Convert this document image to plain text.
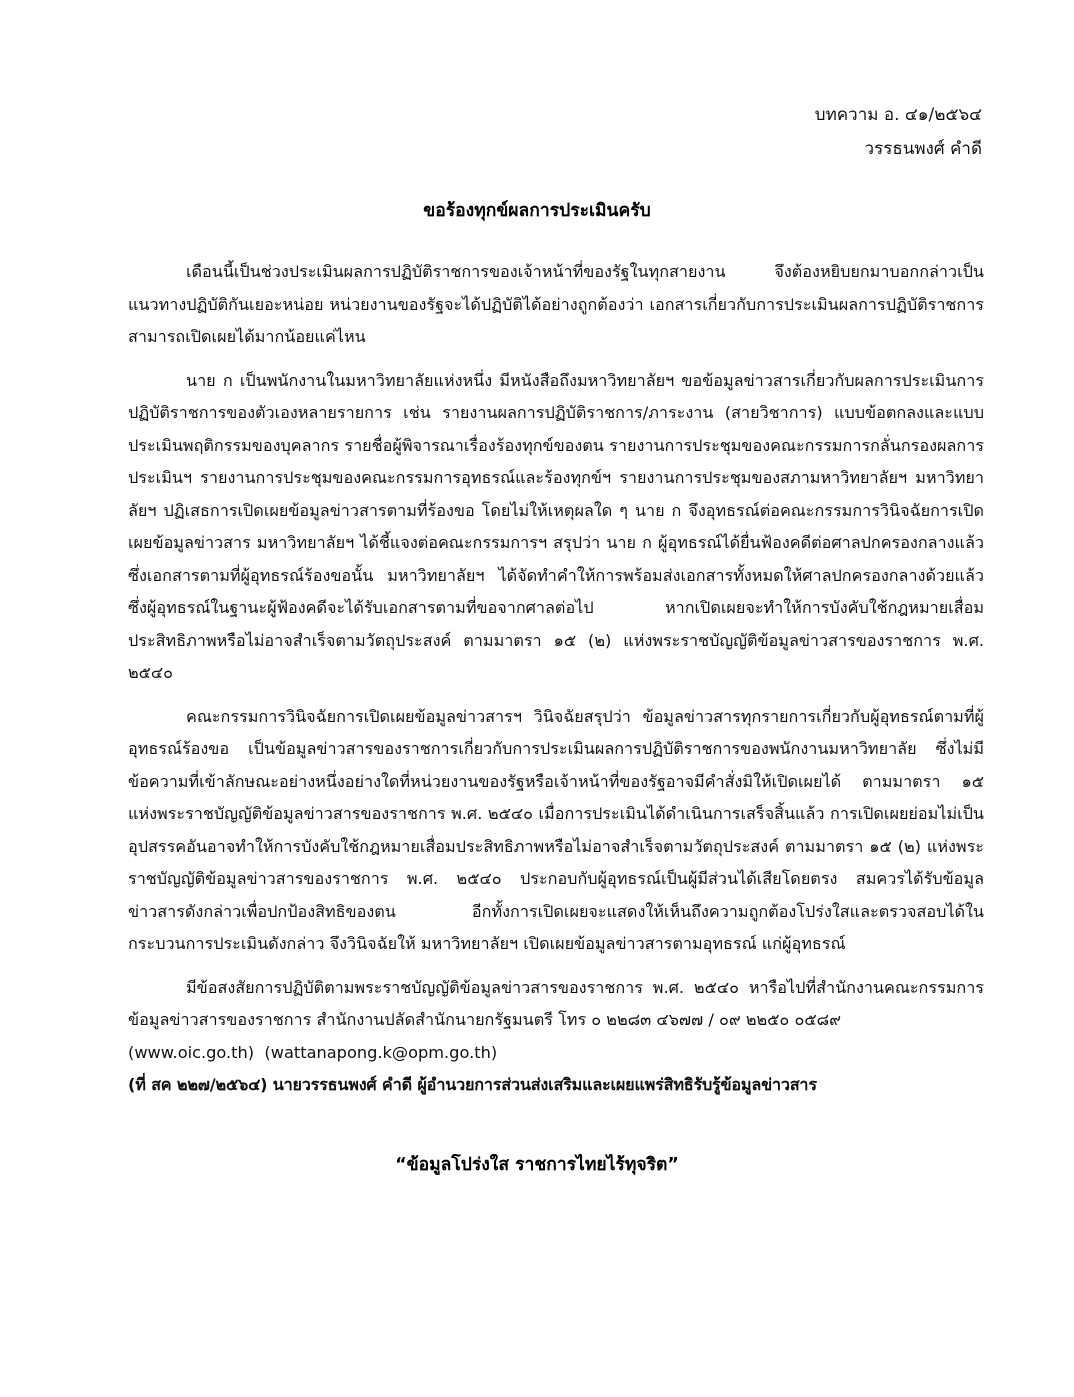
บทความ อ. ๔๑/๒๕๖๔
วรรธนพงศ์ คำดี
ขอร้องทุกข์ผลการประเมินครับ

เดือนนี้เป็นช่วงประเมินผลการปฏิบัติราชการของเจ้าหน้าที่ของรัฐในทุกสายงาน จึงต้องหยิบยกมาบอกกล่าวเป็นแนวทางปฏิบัติกันเยอะหน่อย หน่วยงานของรัฐจะได้ปฏิบัติได้อย่างถูกต้องว่า เอกสารเกี่ยวกับการประเมินผลการปฏิบัติราชการสามารถเปิดเผยได้มากน้อยแค่ไหน

นาย ก เป็นพนักงานในมหาวิทยาลัยแห่งหนึ่ง มีหนังสือถึงมหาวิทยาลัยฯ ขอข้อมูลข่าวสารเกี่ยวกับผลการประเมินการปฏิบัติราชการของตัวเองหลายรายการ เช่น รายงานผลการปฏิบัติราชการ/ภาระงาน (สายวิชาการ) แบบข้อตกลงและแบบประเมินพฤติกรรมของบุคลากร รายชื่อผู้พิจารณาเรื่องร้องทุกข์ของตน รายงานการประชุมของคณะกรรมการกลั่นกรองผลการประเมินฯ รายงานการประชุมของคณะกรรมการอุทธรณ์และร้องทุกข์ฯ รายงานการประชุมของสภามหาวิทยาลัยฯ มหาวิทยาลัยฯ ปฏิเสธการเปิดเผยข้อมูลข่าวสารตามที่ร้องขอ โดยไม่ให้เหตุผลใด ๆ นาย ก จึงอุทธรณ์ต่อคณะกรรมการวินิจฉัยการเปิดเผยข้อมูลข่าวสาร มหาวิทยาลัยฯ ได้ชี้แจงต่อคณะกรรมการฯ สรุปว่า นาย ก ผู้อุทธรณ์ได้ยื่นฟ้องคดีต่อศาลปกครองกลางแล้ว ซึ่งเอกสารตามที่ผู้อุทธรณ์ร้องขอนั้น มหาวิทยาลัยฯ ได้จัดทำคำให้การพร้อมส่งเอกสารทั้งหมดให้ศาลปกครองกลางด้วยแล้ว ซึ่งผู้อุทธรณ์ในฐานะผู้ฟ้องคดีจะได้รับเอกสารตามที่ขอจากศาลต่อไป หากเปิดเผยจะทำให้การบังคับใช้กฎหมายเสื่อมประสิทธิภาพหรือไม่อาจสำเร็จตามวัตถุประสงค์ ตามมาตรา ๑๕ (๒) แห่งพระราชบัญญัติข้อมูลข่าวสารของราชการ พ.ศ. ๒๕๔๐

คณะกรรมการวินิจฉัยการเปิดเผยข้อมูลข่าวสารฯ วินิจฉัยสรุปว่า ข้อมูลข่าวสารทุกรายการเกี่ยวกับผู้อุทธรณ์ตามที่ผู้อุทธรณ์ร้องขอ เป็นข้อมูลข่าวสารของราชการเกี่ยวกับการประเมินผลการปฏิบัติราชการของพนักงานมหาวิทยาลัย ซึ่งไม่มีข้อความที่เข้าลักษณะอย่างหนึ่งอย่างใดที่หน่วยงานของรัฐหรือเจ้าหน้าที่ของรัฐอาจมีคำสั่งมิให้เปิดเผยได้ ตามมาตรา ๑๕ แห่งพระราชบัญญัติข้อมูลข่าวสารของราชการ พ.ศ. ๒๕๔๐ เมื่อการประเมินได้ดำเนินการเสร็จสิ้นแล้ว การเปิดเผยย่อมไม่เป็นอุปสรรคอันอาจทำให้การบังคับใช้กฎหมายเสื่อมประสิทธิภาพหรือไม่อาจสำเร็จตามวัตถุประสงค์ ตามมาตรา ๑๕ (๒) แห่งพระราชบัญญัติข้อมูลข่าวสารของราชการ พ.ศ. ๒๕๔๐ ประกอบกับผู้อุทธรณ์เป็นผู้มีส่วนได้เสียโดยตรง สมควรได้รับข้อมูลข่าวสารดังกล่าวเพื่อปกป้องสิทธิของตน อีกทั้งการเปิดเผยจะแสดงให้เห็นถึงความถูกต้องโปร่งใสและตรวจสอบได้ในกระบวนการประเมินดังกล่าว จึงวินิจฉัยให้ มหาวิทยาลัยฯ เปิดเผยข้อมูลข่าวสารตามอุทธรณ์ แก่ผู้อุทธรณ์

มีข้อสงสัยการปฏิบัติตามพระราชบัญญัติข้อมูลข่าวสารของราชการ พ.ศ. ๒๕๔๐ หารือไปที่สำนักงานคณะกรรมการข้อมูลข่าวสารของราชการ สำนักงานปลัดสำนักนายกรัฐมนตรี โทร ๐ ๒๒๘๓ ๔๖๗๗ / ๐๙ ๒๒๕๐ ๐๕๘๙

(www.oic.go.th) (wattanapong.k@opm.go.th)

(ที่ สค ๒๒๗/๒๕๖๔) นายวรรธนพงศ์ คำดี ผู้อำนวยการส่วนส่งเสริมและเผยแพร่สิทธิรับรู้ข้อมูลข่าวสาร

“ข้อมูลโปร่งใส ราชการไทยไร้ทุจริต”
